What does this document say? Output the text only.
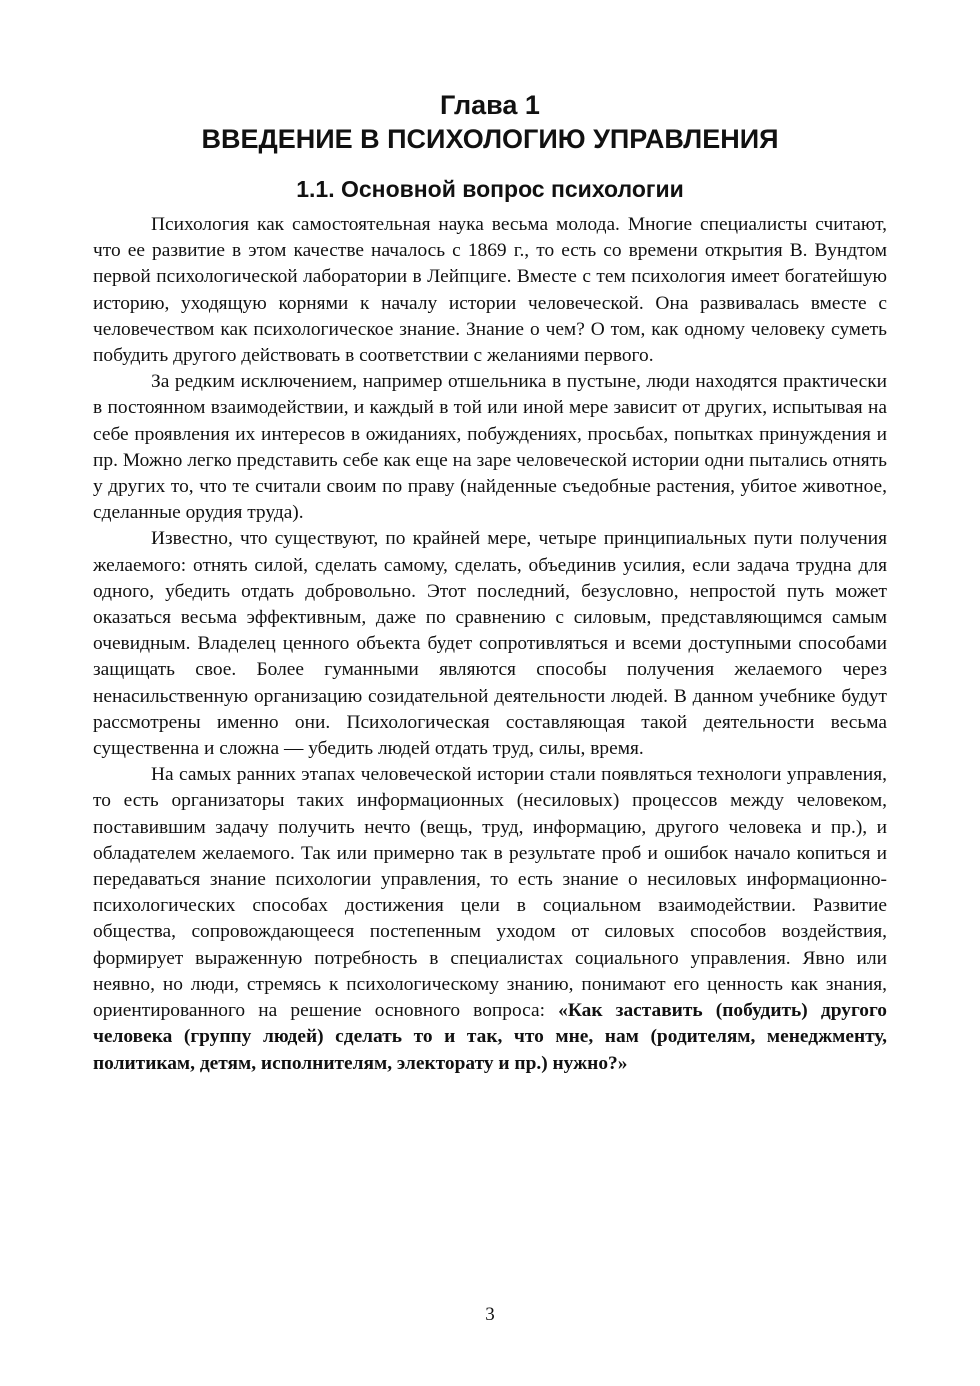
Глава 1
ВВЕДЕНИЕ В ПСИХОЛОГИЮ УПРАВЛЕНИЯ
1.1. Основной вопрос психологии

Психология как самостоятельная наука весьма молода. Многие специалисты считают, что ее развитие в этом качестве началось с 1869 г., то есть со времени открытия В. Вундтом первой психологической лаборатории в Лейпциге. Вместе с тем психология имеет богатейшую историю, уходящую корнями к началу истории человеческой. Она развивалась вместе с человечеством как психологическое знание. Знание о чем? О том, как одному человеку суметь побудить другого действовать в соответствии с желаниями первого.

За редким исключением, например отшельника в пустыне, люди находятся практически в постоянном взаимодействии, и каждый в той или иной мере зависит от других, испытывая на себе проявления их интересов в ожиданиях, побуждениях, просьбах, попытках принуждения и пр. Можно легко представить себе как еще на заре человеческой истории одни пытались отнять у других то, что те считали своим по праву (найденные съедобные растения, убитое животное, сделанные орудия труда).

Известно, что существуют, по крайней мере, четыре принципиальных пути получения желаемого: отнять силой, сделать самому, сделать, объединив усилия, если задача трудна для одного, убедить отдать добровольно. Этот последний, безусловно, непростой путь может оказаться весьма эффективным, даже по сравнению с силовым, представляющимся самым очевидным. Владелец ценного объекта будет сопротивляться и всеми доступными способами защищать свое. Более гуманными являются способы получения желаемого через ненасильственную организацию созидательной деятельности людей. В данном учебнике будут рассмотрены именно они. Психологическая составляющая такой деятельности весьма существенна и сложна — убедить людей отдать труд, силы, время.

На самых ранних этапах человеческой истории стали появляться технологи управления, то есть организаторы таких информационных (несиловых) процессов между человеком, поставившим задачу получить нечто (вещь, труд, информацию, другого человека и пр.), и обладателем желаемого. Так или примерно так в результате проб и ошибок начало копиться и передаваться знание психологии управления, то есть знание о несиловых информационно-психологических способах достижения цели в социальном взаимодействии. Развитие общества, сопровождающееся постепенным уходом от силовых способов воздействия, формирует выраженную потребность в специалистах социального управления. Явно или неявно, но люди, стремясь к психологическому знанию, понимают его ценность как знания, ориентированного на решение основного вопроса: «Как заставить (побудить) другого человека (группу людей) сделать то и так, что мне, нам (родителям, менеджменту, политикам, детям, исполнителям, электорату и пр.) нужно?»

3
